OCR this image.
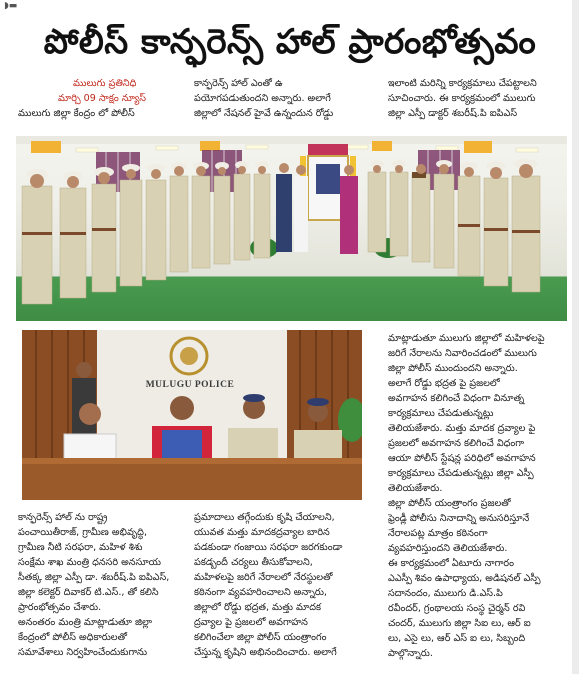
◗▬
పోలీస్ కాన్ఫరెన్స్ హాల్ ప్రారంభోత్సవం

ములుగు ప్రతినిధి

మార్చి 09 సాక్షం న్యూస్

ములుగు జిల్లా కేంద్రం లో పోలీస్

కాన్ఫరెన్స్ హాల్ ఎంతో ఉ

పయోగపడుతుందని అన్నారు. అలాగే

జిల్లాలో నేషనల్ హైవే ఉన్నందున రోడ్డు

ఇలాంటి మరిన్ని కార్యక్రమాలు చేపట్టాలని

సూచించారు. ఈ కార్యక్రమంలో ములుగు

జిల్లా ఎస్పీ డాక్టర్ శబరీష్.పి ఐపిఎస్

MULUGU POLICE

మాట్లాడుతూ ములుగు జిల్లాలో మహిళలపై

జరిగే నేరాలను నివారించడంలో ములుగు

జిల్లా పోలీస్ ముందుందని అన్నారు.

అలాగే రోడ్డు భద్రత పై ప్రజలలో

అవగాహన కలిగించే విధంగా వినూత్న

కార్యక్రమాలు చేపడుతున్నట్లు

తెలియజేశారు. మత్తు మాదక ద్రవ్యాల పై

ప్రజలలో అవగాహన కలిగించే విధంగా

ఆయా పోలీస్ స్టేషన్ల పరిధిలో అవగాహన

కార్యక్రమాలు చేపడుతున్నట్లు జిల్లా ఎస్పీ

తెలియజేశారు.

జిల్లా పోలీస్ యంత్రాంగం ప్రజలతో

ఫ్రెండ్లీ పోలీసు నినాదాన్ని అనుసరిస్తూనే

నేరాలపట్ల మాత్రం కఠినంగా

వ్యవహరిస్తుందని తెలియజేశారు.

ఈ కార్యక్రమంలో ఏటూరు నాగారం

ఎఎస్పీ శివం ఉపాధ్యాయ, అడిషనల్ ఎస్పీ

సదానందం, ములుగు డి.ఎస్.పి

రవీందర్, గ్రంథాలయ సంస్థ చైర్మన్ రవి

చందర్, ములుగు జిల్లా సిఐ లు, ఆర్ ఐ

లు, ఎసై లు, ఆర్ ఎస్ ఐ లు, సిబ్బంది

పాల్గొన్నారు.

కాన్ఫరెన్స్ హాల్ ను రాష్ట్ర

పంచాయితీరాజ్, గ్రామీణ అభివృద్ధి,

గ్రామీణ నీటి సరఫరా, మహిళ శిశు

సంక్షేమ శాఖ మంత్రి ధనసరి అనసూయ

సీతక్క జిల్లా ఎస్పీ డా. శబరీష్.పి ఐపిఎస్,

జిల్లా కలెక్టర్ దివాకర్ టి.ఎస్., తో కలిసి

ప్రారంభోత్సవం చేశారు.

అనంతరం మంత్రి మాట్లాడుతూ జిల్లా

కేంద్రంలో పోలీస్ అధికారులతో

సమావేశాలు నిర్వహించేందుకుగాను

ప్రమాదాలు తగ్గేందుకు కృషి చేయాలని,

యువత మత్తు మాదకద్రవ్యాల బారిన

పడకుండా గంజాయి సరఫరా జరగకుండా

పకడ్బందీ చర్యలు తీసుకోవాలని,

మహిళలపై జరిగే నేరాలలో నేరస్థులతో

కఠినంగా వ్యవహరించాలని అన్నారు,

జిల్లాలో రోడ్డు భద్రత, మత్తు మాదక

ద్రవ్యాల పై ప్రజలలో అవగాహన

కలిగించేలా జిల్లా పోలీస్ యంత్రాంగం

చేస్తున్న కృషిని అభినందించారు. అలాగే
